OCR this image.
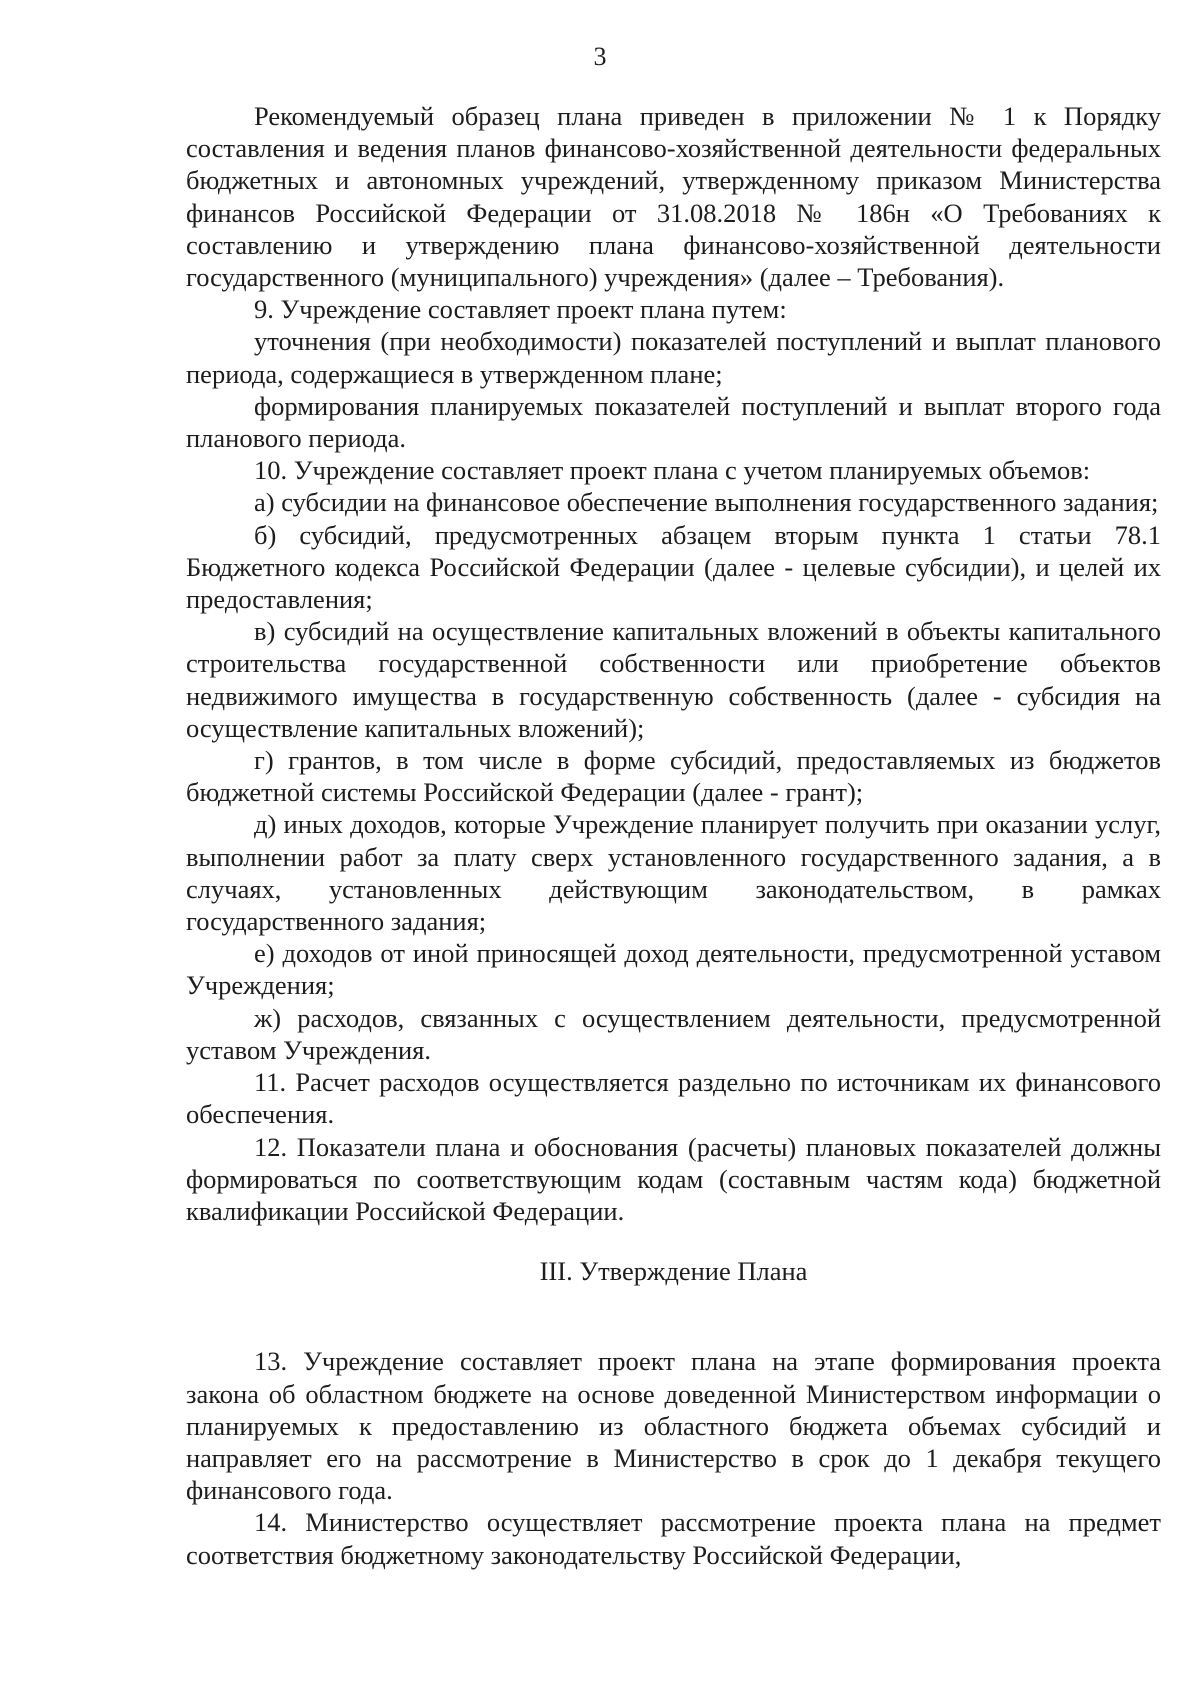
3

Рекомендуемый образец плана приведен в приложении № 1 к Порядку составления и ведения планов финансово-хозяйственной деятельности федеральных бюджетных и автономных учреждений, утвержденному приказом Министерства финансов Российской Федерации от 31.08.2018 № 186н «О Требованиях к составлению и утверждению плана финансово-хозяйственной деятельности государственного (муниципального) учреждения» (далее – Требования).

9. Учреждение составляет проект плана путем:

уточнения (при необходимости) показателей поступлений и выплат планового периода, содержащиеся в утвержденном плане;

формирования планируемых показателей поступлений и выплат второго года планового периода.

10. Учреждение составляет проект плана с учетом планируемых объемов:

а) субсидии на финансовое обеспечение выполнения государственного задания;

б) субсидий, предусмотренных абзацем вторым пункта 1 статьи 78.1 Бюджетного кодекса Российской Федерации (далее - целевые субсидии), и целей их предоставления;

в) субсидий на осуществление капитальных вложений в объекты капитального строительства государственной собственности или приобретение объектов недвижимого имущества в государственную собственность (далее - субсидия на осуществление капитальных вложений);

г) грантов, в том числе в форме субсидий, предоставляемых из бюджетов бюджетной системы Российской Федерации (далее - грант);

д) иных доходов, которые Учреждение планирует получить при оказании услуг, выполнении работ за плату сверх установленного государственного задания, а в случаях, установленных действующим законодательством, в рамках государственного задания;

е) доходов от иной приносящей доход деятельности, предусмотренной уставом Учреждения;

ж) расходов, связанных с осуществлением деятельности, предусмотренной уставом Учреждения.

11. Расчет расходов осуществляется раздельно по источникам их финансового обеспечения.

12. Показатели плана и обоснования (расчеты) плановых показателей должны формироваться по соответствующим кодам (составным частям кода) бюджетной квалификации Российской Федерации.

III. Утверждение Плана

13. Учреждение составляет проект плана на этапе формирования проекта закона об областном бюджете на основе доведенной Министерством информации о планируемых к предоставлению из областного бюджета объемах субсидий и направляет его на рассмотрение в Министерство в срок до 1 декабря текущего финансового года.

14. Министерство осуществляет рассмотрение проекта плана на предмет соответствия бюджетному законодательству Российской Федерации,
